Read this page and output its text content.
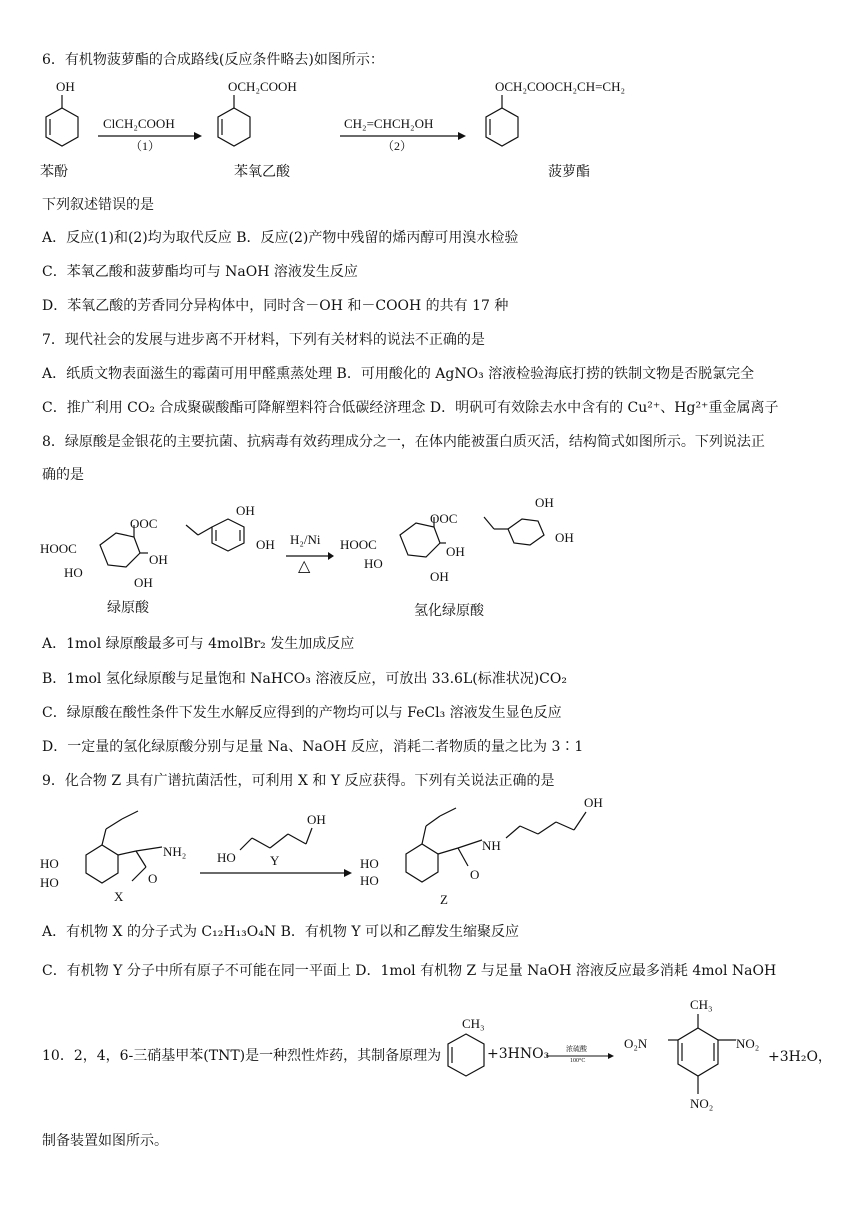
6．有机物菠萝酯的合成路线(反应条件略去)如图所示：
OH
苯酚
ClCH₂COOH
（1）
OCH₂COOH
苯氧乙酸
CH₂=CHCH₂OH
（2）
OCH₂COOCH₂CH=CH₂
菠萝酯
下列叙述错误的是
A．反应(1)和(2)均为取代反应 B．反应(2)产物中残留的烯丙醇可用溴水检验
C．苯氧乙酸和菠萝酯均可与 NaOH 溶液发生反应
D．苯氧乙酸的芳香同分异构体中，同时含－OH 和－COOH 的共有 17 种
7．现代社会的发展与进步离不开材料，下列有关材料的说法不正确的是
A．纸质文物表面滋生的霉菌可用甲醛熏蒸处理 B．可用酸化的 AgNO₃ 溶液检验海底打捞的铁制文物是否脱氯完全
C．推广利用 CO₂ 合成聚碳酸酯可降解塑料符合低碳经济理念 D．明矾可有效除去水中含有的 Cu²⁺、Hg²⁺重金属离子
8．绿原酸是金银花的主要抗菌、抗病毒有效药理成分之一，在体内能被蛋白质灭活，结构简式如图所示。下列说法正
确的是
HOOC
HO
OH
OH
OOC
OH
OH
绿原酸
H₂/Ni
△
HOOC
HO
OH
OH
OOC
OH
OH
氢化绿原酸
A．1mol 绿原酸最多可与 4molBr₂ 发生加成反应
B．1mol 氢化绿原酸与足量饱和 NaHCO₃ 溶液反应，可放出 33.6L(标准状况)CO₂
C．绿原酸在酸性条件下发生水解反应得到的产物均可以与 FeCl₃ 溶液发生显色反应
D．一定量的氢化绿原酸分别与足量 Na、NaOH 反应，消耗二者物质的量之比为 3∶1
9．化合物 Z 具有广谱抗菌活性，可利用 X 和 Y 反应获得。下列有关说法正确的是
HO
HO
NH₂
O
X
OH
HO	Y	HO
HO
NH
O
OH
Z
A．有机物 X 的分子式为 C₁₂H₁₃O₄N B．有机物 Y 可以和乙醇发生缩聚反应
C．有机物 Y 分子中所有原子不可能在同一平面上 D．1mol 有机物 Z 与足量 NaOH 溶液反应最多消耗 4mol NaOH
10．2，4，6-三硝基甲苯(TNT)是一种烈性炸药，其制备原理为
CH₃
+3HNO₃ 浓硫酸
100°C
CH₃
O₂N	NO₂
NO₂
+3H₂O，
制备装置如图所示。
